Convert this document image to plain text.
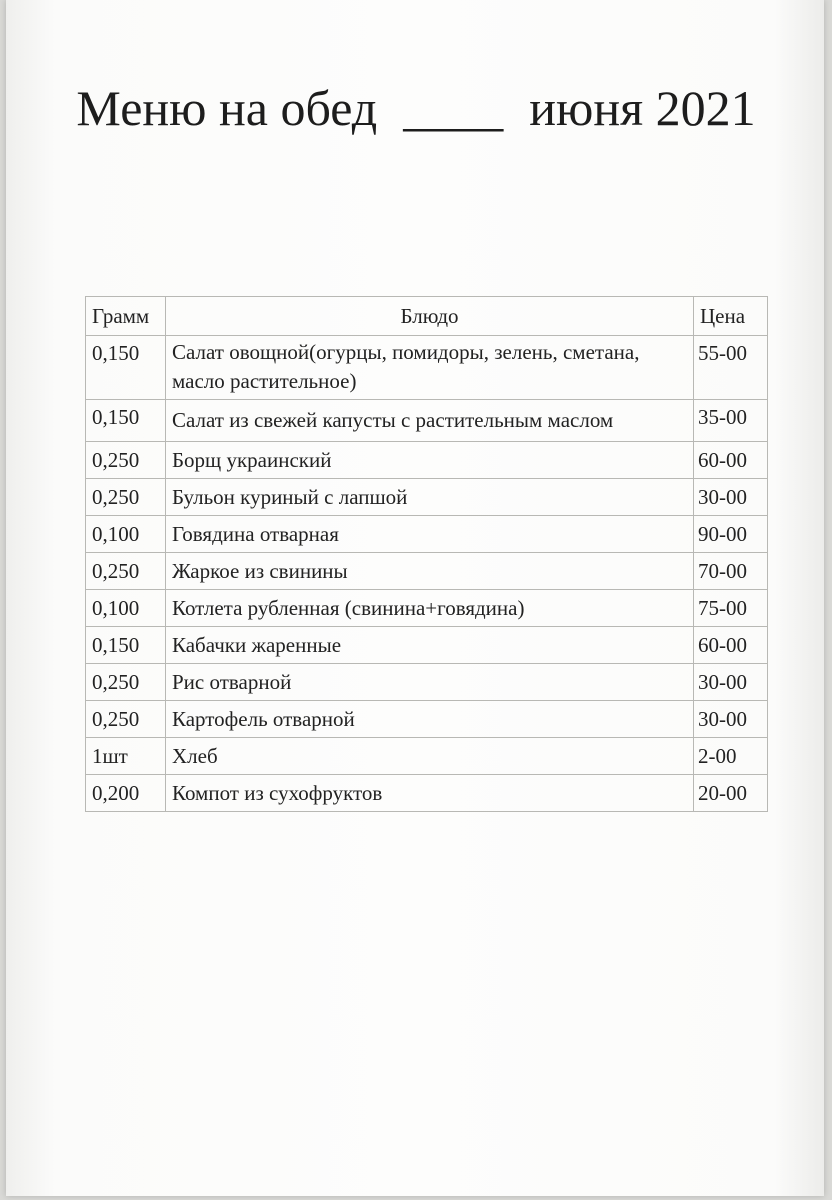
Меню на обед ____ июня 2021
Грамм	Блюдо	Цена
0,150	Салат овощной(огурцы, помидоры, зелень, сметана, масло растительное)	55-00
0,150	Салат из свежей капусты с растительным маслом	35-00
0,250	Борщ украинский	60-00
0,250	Бульон куриный с лапшой	30-00
0,100	Говядина отварная	90-00
0,250	Жаркое из свинины	70-00
0,100	Котлета рубленная (свинина+говядина)	75-00
0,150	Кабачки жаренные	60-00
0,250	Рис отварной	30-00
0,250	Картофель отварной	30-00
1шт	Хлеб	2-00
0,200	Компот из сухофруктов	20-00
